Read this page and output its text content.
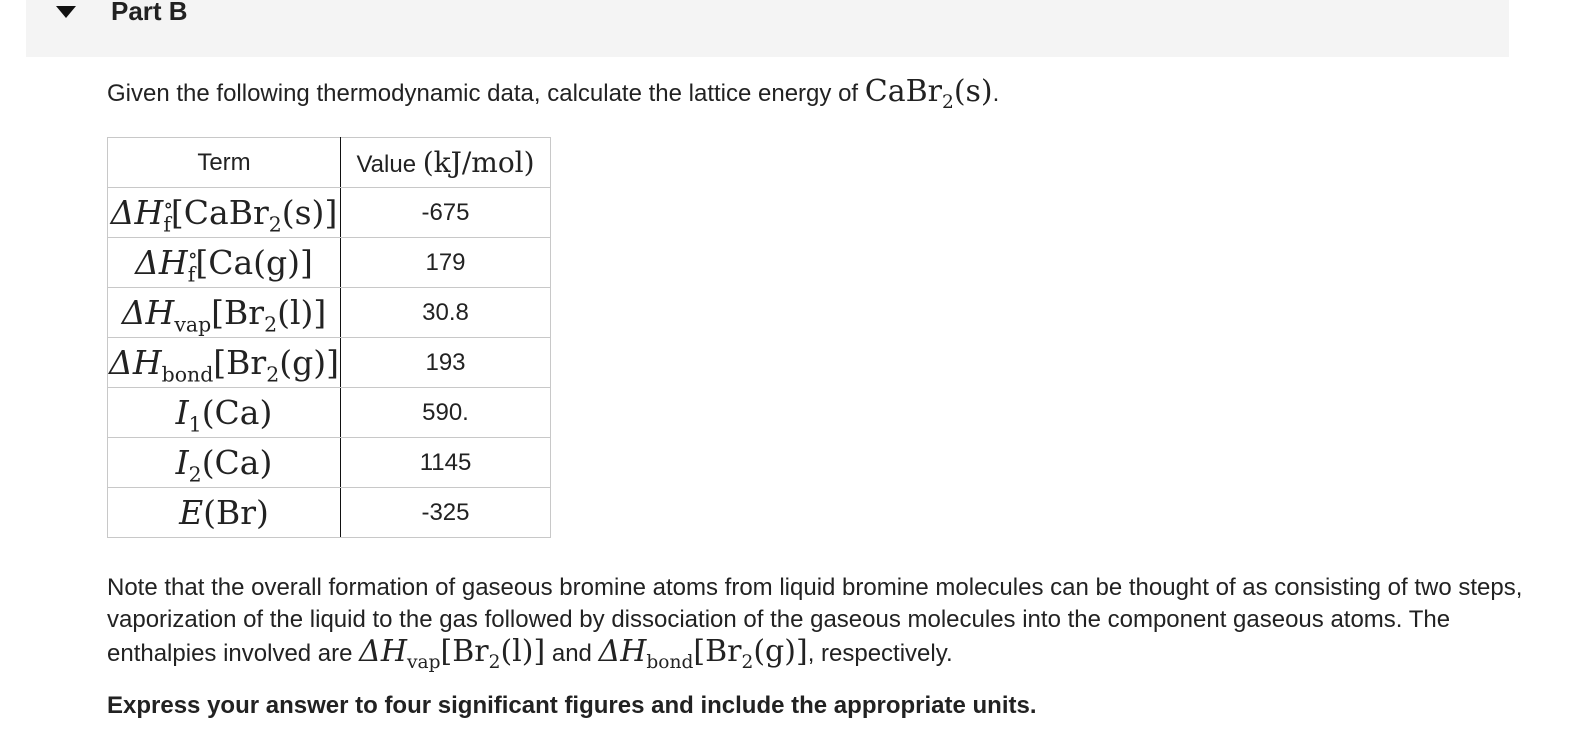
Part B
Given the following thermodynamic data, calculate the lattice energy of CaBr$_2$(s).
Term	Value (kJ/mol)
$\Delta H^\circ_f[CaBr_2(s)]$	-675
$\Delta H^\circ_f[Ca(g)]$	179
$\Delta H_{vap}[Br_2(l)]$	30.8
$\Delta H_{bond}[Br_2(g)]$	193
$I_1(Ca)$	590.
$I_2(Ca)$	1145
E(Br)	-325
Note that the overall formation of gaseous bromine atoms from liquid bromine molecules can be thought of as consisting of two steps, vaporization of the liquid to the gas followed by dissociation of the gaseous molecules into the component gaseous atoms. The enthalpies involved are $\Delta H_{vap}[Br_2(l)]$ and $\Delta H_{bond}[Br_2(g)]$, respectively.
Express your answer to four significant figures and include the appropriate units.
